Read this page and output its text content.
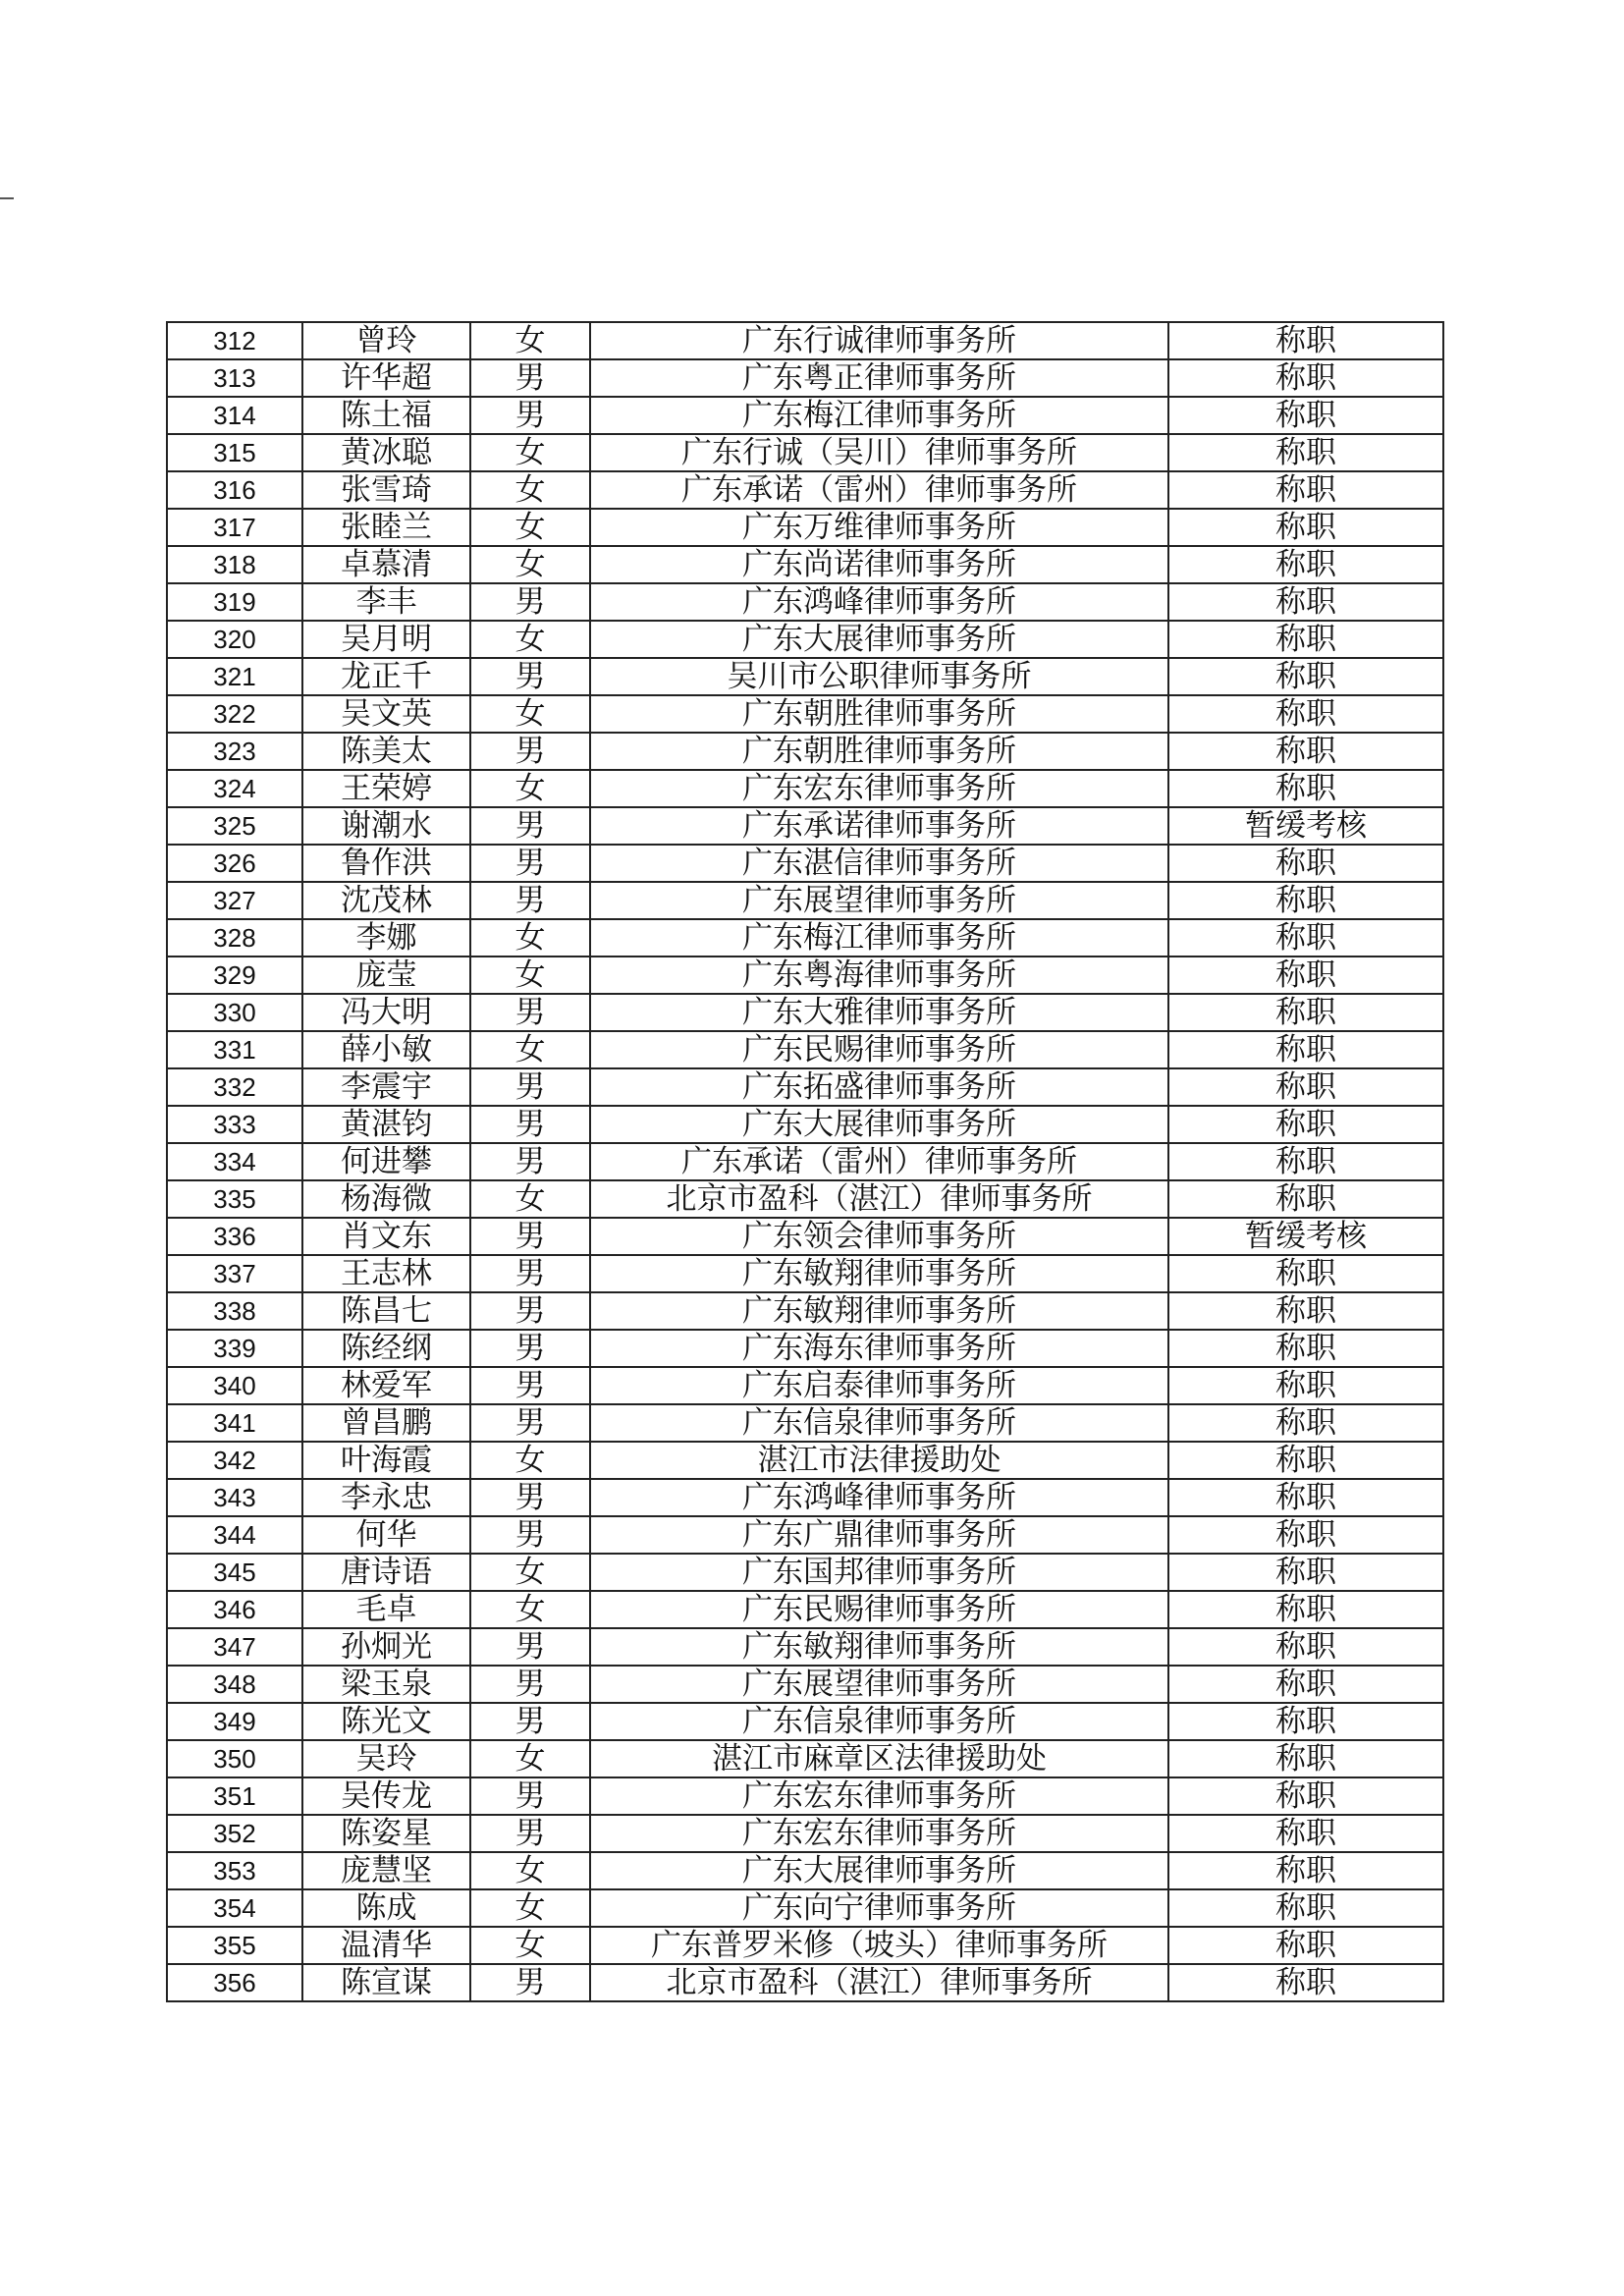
312	曾玲	女	广东行诚律师事务所	称职
313	许华超	男	广东粤正律师事务所	称职
314	陈土福	男	广东梅江律师事务所	称职
315	黄冰聪	女	广东行诚（吴川）律师事务所	称职
316	张雪琦	女	广东承诺（雷州）律师事务所	称职
317	张睦兰	女	广东万维律师事务所	称职
318	卓慕清	女	广东尚诺律师事务所	称职
319	李丰	男	广东鸿峰律师事务所	称职
320	吴月明	女	广东大展律师事务所	称职
321	龙正千	男	吴川市公职律师事务所	称职
322	吴文英	女	广东朝胜律师事务所	称职
323	陈美太	男	广东朝胜律师事务所	称职
324	王荣婷	女	广东宏东律师事务所	称职
325	谢潮水	男	广东承诺律师事务所	暂缓考核
326	鲁作洪	男	广东湛信律师事务所	称职
327	沈茂林	男	广东展望律师事务所	称职
328	李娜	女	广东梅江律师事务所	称职
329	庞莹	女	广东粤海律师事务所	称职
330	冯大明	男	广东大雅律师事务所	称职
331	薛小敏	女	广东民赐律师事务所	称职
332	李震宇	男	广东拓盛律师事务所	称职
333	黄湛钧	男	广东大展律师事务所	称职
334	何进攀	男	广东承诺（雷州）律师事务所	称职
335	杨海微	女	北京市盈科（湛江）律师事务所	称职
336	肖文东	男	广东领会律师事务所	暂缓考核
337	王志林	男	广东敏翔律师事务所	称职
338	陈昌七	男	广东敏翔律师事务所	称职
339	陈经纲	男	广东海东律师事务所	称职
340	林爱军	男	广东启泰律师事务所	称职
341	曾昌鹏	男	广东信泉律师事务所	称职
342	叶海霞	女	湛江市法律援助处	称职
343	李永忠	男	广东鸿峰律师事务所	称职
344	何华	男	广东广鼎律师事务所	称职
345	唐诗语	女	广东国邦律师事务所	称职
346	毛卓	女	广东民赐律师事务所	称职
347	孙炯光	男	广东敏翔律师事务所	称职
348	梁玉泉	男	广东展望律师事务所	称职
349	陈光文	男	广东信泉律师事务所	称职
350	吴玲	女	湛江市麻章区法律援助处	称职
351	吴传龙	男	广东宏东律师事务所	称职
352	陈姿星	男	广东宏东律师事务所	称职
353	庞慧坚	女	广东大展律师事务所	称职
354	陈成	女	广东向宁律师事务所	称职
355	温清华	女	广东普罗米修（坡头）律师事务所	称职
356	陈宣谋	男	北京市盈科（湛江）律师事务所	称职
